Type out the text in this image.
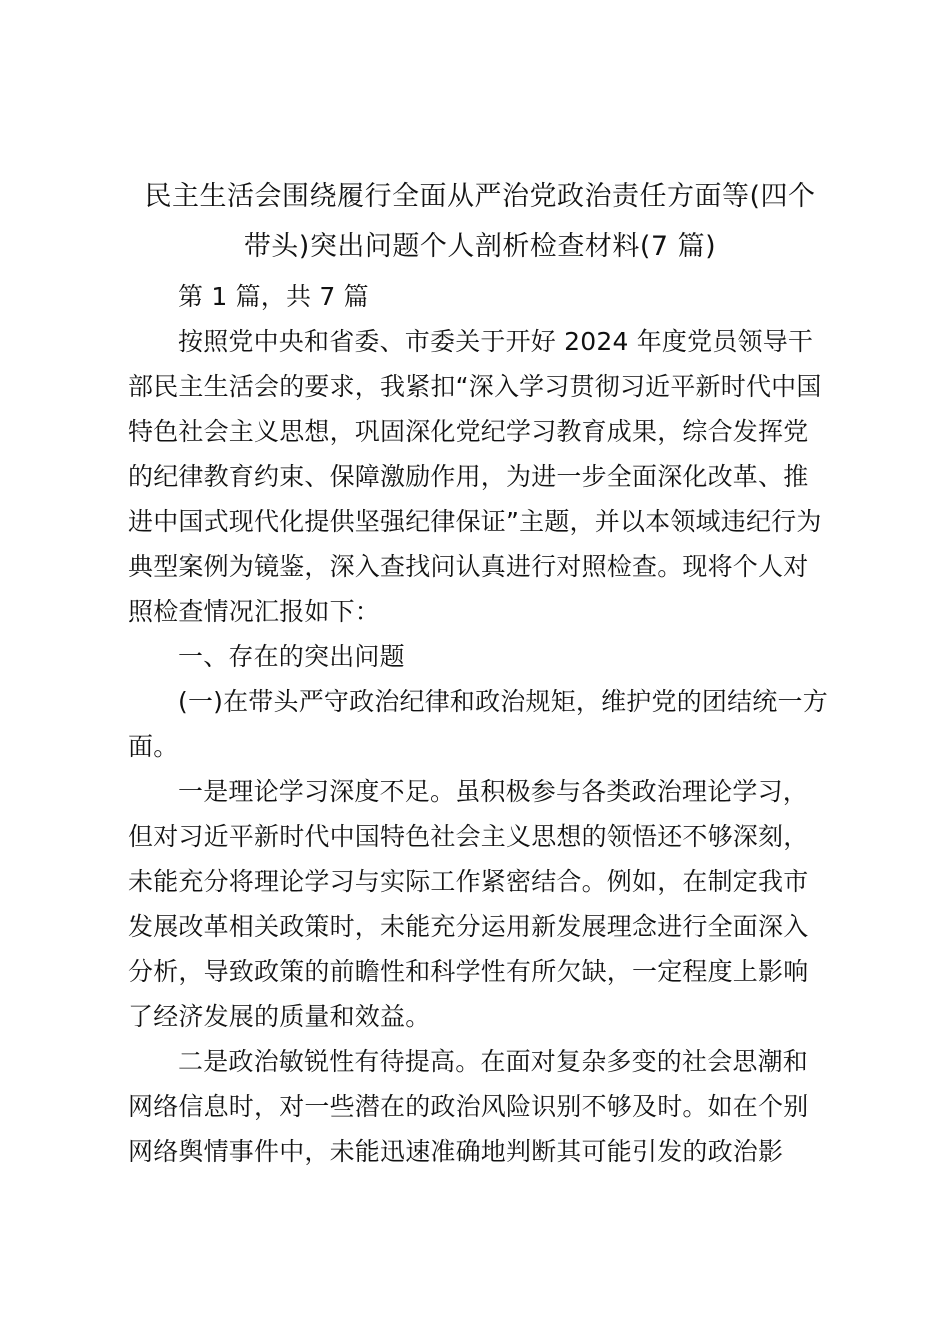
民主生活会围绕履行全面从严治党政治责任方面等(四个
带头)突出问题个人剖析检查材料(7 篇)
第 1 篇，共 7 篇
按照党中央和省委、市委关于开好 2024 年度党员领导干
部民主生活会的要求，我紧扣“深入学习贯彻习近平新时代中国
特色社会主义思想，巩固深化党纪学习教育成果，综合发挥党
的纪律教育约束、保障激励作用，为进一步全面深化改革、推
进中国式现代化提供坚强纪律保证”主题，并以本领域违纪行为
典型案例为镜鉴，深入查找问认真进行对照检查。现将个人对
照检查情况汇报如下：
一、存在的突出问题
(一)在带头严守政治纪律和政治规矩，维护党的团结统一方
面。
一是理论学习深度不足。虽积极参与各类政治理论学习，
但对习近平新时代中国特色社会主义思想的领悟还不够深刻，
未能充分将理论学习与实际工作紧密结合。例如，在制定我市
发展改革相关政策时，未能充分运用新发展理念进行全面深入
分析，导致政策的前瞻性和科学性有所欠缺，一定程度上影响
了经济发展的质量和效益。
二是政治敏锐性有待提高。在面对复杂多变的社会思潮和
网络信息时，对一些潜在的政治风险识别不够及时。如在个别
网络舆情事件中，未能迅速准确地判断其可能引发的政治影
